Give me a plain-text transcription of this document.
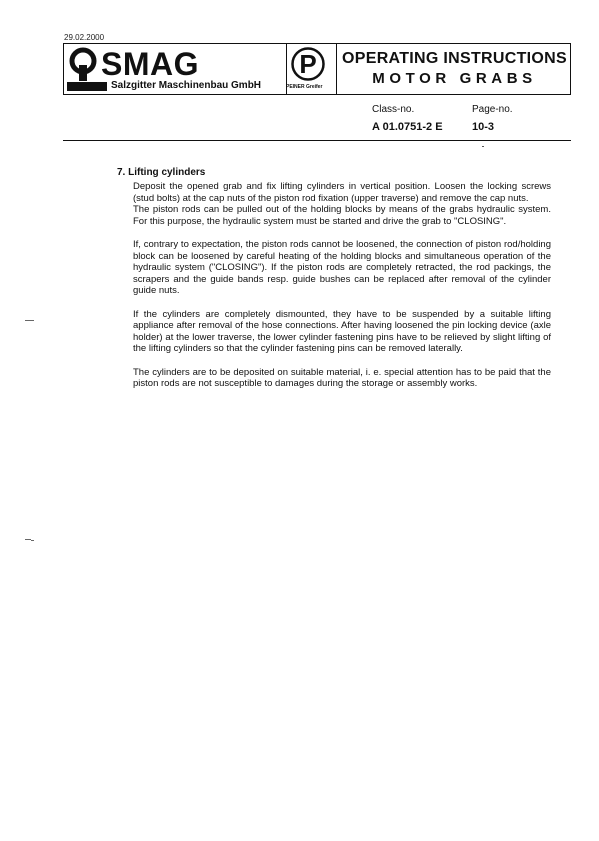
29.02.2000
SMAG
Salzgitter Maschinenbau GmbH
P
PEINER Greifer
OPERATING INSTRUCTIONS
MOTOR GRABS
Class-no.
A 01.0751-2 E
Page-no.
10-3
7. Lifting cylinders

Deposit the opened grab and fix lifting cylinders in vertical position. Loosen the locking screws (stud bolts) at the cap nuts of the piston rod fixation (upper traverse) and remove the cap nuts.

The piston rods can be pulled out of the holding blocks by means of the grabs hydraulic system. For this purpose, the hydraulic system must be started and drive the grab to "CLOSING".

If, contrary to expectation, the piston rods cannot be loosened, the connection of piston rod/holding block can be loosened by careful heating of the holding blocks and simultaneous operation of the hydraulic system ("CLOSING"). If the piston rods are completely retracted, the rod packings, the scrapers and the guide bands resp. guide bushes can be replaced after removal of the cylinder guide nuts.

If the cylinders are completely dismounted, they have to be suspended by a suitable lifting appliance after removal of the hose connections. After having loosened the pin locking device (axle holder) at the lower traverse, the lower cylinder fastening pins have to be relieved by slight lifting of the lifting cylinders so that the cylinder fastening pins can be removed laterally.

The cylinders are to be deposited on suitable material, i. e. special attention has to be paid that the piston rods are not susceptible to damages during the storage or assembly works.
